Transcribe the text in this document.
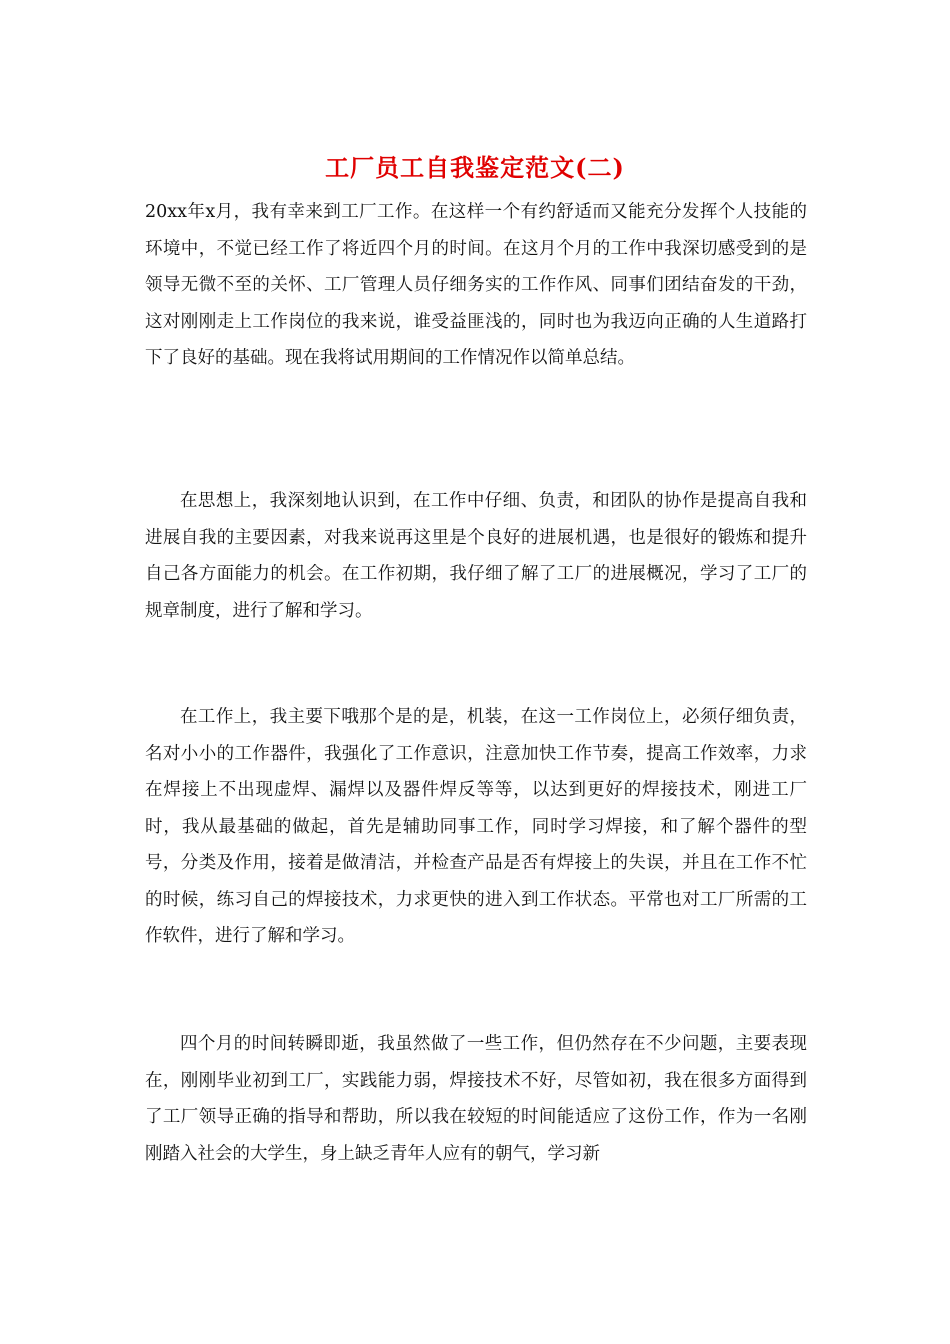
工厂员工自我鉴定范文(二)

20xx年x月，我有幸来到工厂工作。在这样一个有约舒适而又能充分发挥个人技能的环境中，不觉已经工作了将近四个月的时间。在这月个月的工作中我深切感受到的是领导无微不至的关怀、工厂管理人员仔细务实的工作作风、同事们团结奋发的干劲，这对刚刚走上工作岗位的我来说，谁受益匪浅的，同时也为我迈向正确的人生道路打下了良好的基础。现在我将试用期间的工作情况作以简单总结。

在思想上，我深刻地认识到，在工作中仔细、负责，和团队的协作是提高自我和进展自我的主要因素，对我来说再这里是个良好的进展机遇，也是很好的锻炼和提升自己各方面能力的机会。在工作初期，我仔细了解了工厂的进展概况，学习了工厂的规章制度，进行了解和学习。

在工作上，我主要下哦那个是的是，机装，在这一工作岗位上，必须仔细负责，名对小小的工作器件，我强化了工作意识，注意加快工作节奏，提高工作效率，力求在焊接上不出现虚焊、漏焊以及器件焊反等等，以达到更好的焊接技术，刚进工厂时，我从最基础的做起，首先是辅助同事工作，同时学习焊接，和了解个器件的型号，分类及作用，接着是做清洁，并检查产品是否有焊接上的失误，并且在工作不忙的时候，练习自己的焊接技术，力求更快的进入到工作状态。平常也对工厂所需的工作软件，进行了解和学习。

四个月的时间转瞬即逝，我虽然做了一些工作，但仍然存在不少问题，主要表现在，刚刚毕业初到工厂，实践能力弱，焊接技术不好，尽管如初，我在很多方面得到了工厂领导正确的指导和帮助，所以我在较短的时间能适应了这份工作，作为一名刚刚踏入社会的大学生，身上缺乏青年人应有的朝气，学习新
